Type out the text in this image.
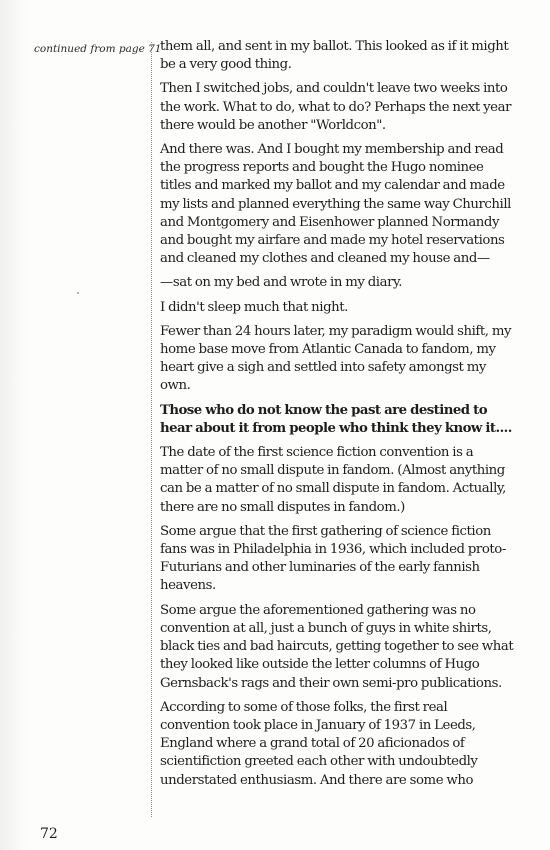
continued from page 71

them all, and sent in my ballot. This looked as if it might be a very good thing.

Then I switched jobs, and couldn't leave two weeks into the work. What to do, what to do? Perhaps the next year there would be another "Worldcon".

And there was. And I bought my membership and read the progress reports and bought the Hugo nominee titles and marked my ballot and my calendar and made my lists and planned everything the same way Churchill and Montgomery and Eisenhower planned Normandy and bought my airfare and made my hotel reservations and cleaned my clothes and cleaned my house and—

—sat on my bed and wrote in my diary.

I didn't sleep much that night.

Fewer than 24 hours later, my paradigm would shift, my home base move from Atlantic Canada to fandom, my heart give a sigh and settled into safety amongst my own.

Those who do not know the past are destined to hear about it from people who think they know it....

The date of the first science fiction convention is a matter of no small dispute in fandom. (Almost anything can be a matter of no small dispute in fandom. Actually, there are no small disputes in fandom.)

Some argue that the first gathering of science fiction fans was in Philadelphia in 1936, which included proto-Futurians and other luminaries of the early fannish heavens.

Some argue the aforementioned gathering was no convention at all, just a bunch of guys in white shirts, black ties and bad haircuts, getting together to see what they looked like outside the letter columns of Hugo Gernsback's rags and their own semi-pro publications.

According to some of those folks, the first real convention took place in January of 1937 in Leeds, England where a grand total of 20 aficionados of scientifiction greeted each other with undoubtedly understated enthusiasm. And there are some who

72
